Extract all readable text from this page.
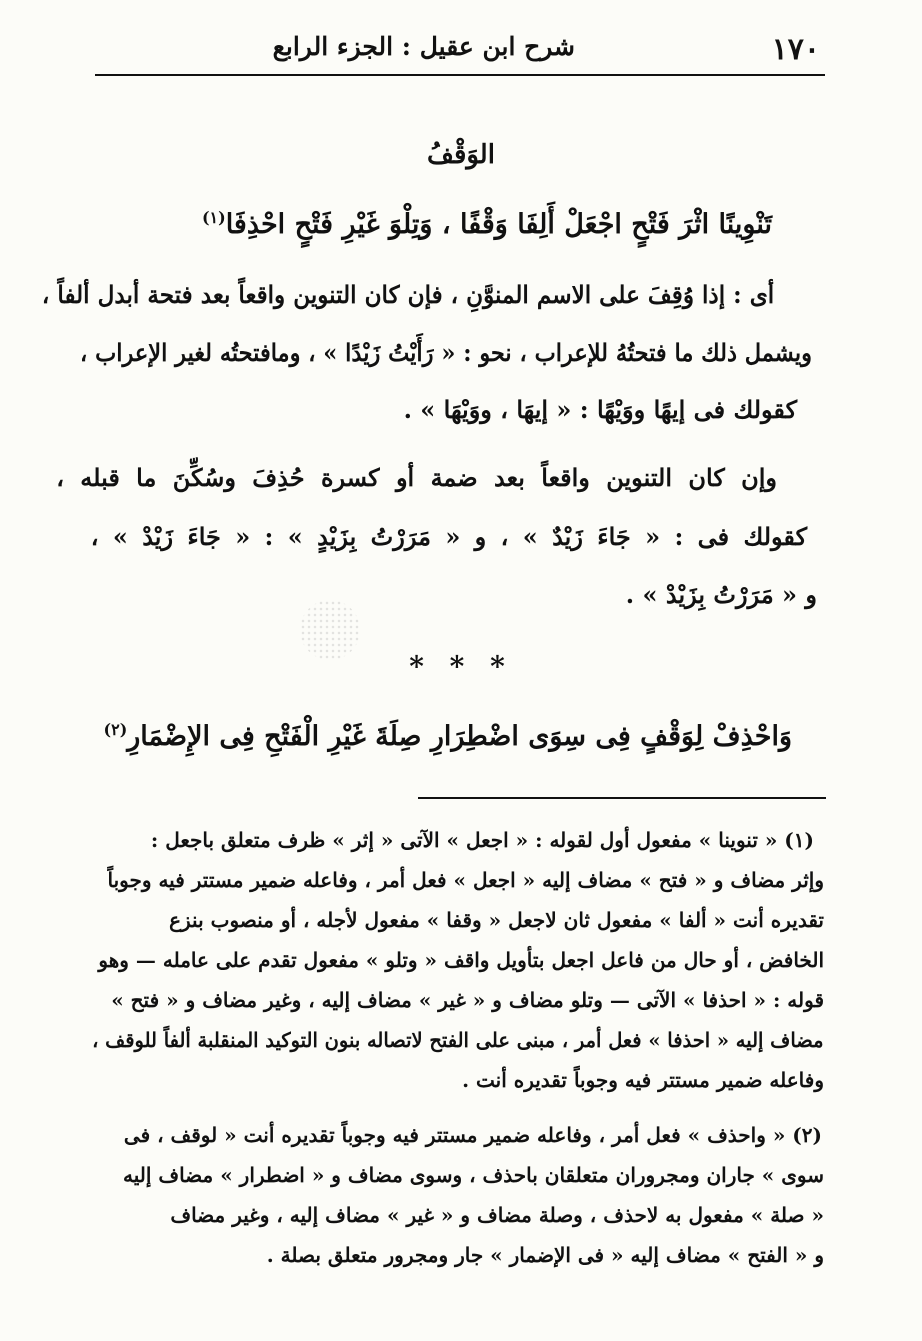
١٧٠
شرح ابن عقيل : الجزء الرابع
الوَقْفُ
تَنْوِينًا اثْرَ فَتْحٍ اجْعَلْ أَلِفَا وَقْفًا ، وَتِلْوَ غَيْرِ فَتْحٍ احْذِفَا$^{(١)}$
أى : إذا وُقِفَ على الاسم المنوَّنِ ، فإن كان التنوين واقعاً بعد فتحة أبدل ألفاً ،
ويشمل ذلك ما فتحتُهُ للإعراب ، نحو : « رَأَيْتُ زَيْدًا » ، ومافتحتُه لغير الإعراب ،
كقولك فى إيهًا ووَيْهًا : « إيهَا ، ووَيْهَا » .
وإن كان التنوين واقعاً بعد ضمة أو كسرة حُذِفَ وسُكِّنَ ما قبله ،
كقولك فى : « جَاءَ زَيْدٌ » ، و « مَرَرْتُ بِزَيْدٍ » : « جَاءَ زَيْدْ » ،
و « مَرَرْتُ بِزَيْدْ » .
* * *
وَاحْذِفْ لِوَقْفٍ فِى سِوَى اضْطِرَارِ صِلَةَ غَيْرِ الْفَتْحِ فِى الإِضْمَارِ$^{(٢)}$
(١) « تنوينا » مفعول أول لقوله : « اجعل » الآتى « إثر » ظرف متعلق باجعل :
وإثر مضاف و « فتح » مضاف إليه « اجعل » فعل أمر ، وفاعله ضمير مستتر فيه وجوباً
تقديره أنت « ألفا » مفعول ثان لاجعل « وقفا » مفعول لأجله ، أو منصوب بنزع
الخافض ، أو حال من فاعل اجعل بتأويل واقف « وتلو » مفعول تقدم على عامله — وهو
قوله : « احذفا » الآتى — وتلو مضاف و « غير » مضاف إليه ، وغير مضاف و « فتح »
مضاف إليه « احذفا » فعل أمر ، مبنى على الفتح لاتصاله بنون التوكيد المنقلبة ألفاً للوقف ،
وفاعله ضمير مستتر فيه وجوباً تقديره أنت .
(٢) « واحذف » فعل أمر ، وفاعله ضمير مستتر فيه وجوباً تقديره أنت « لوقف ، فى
سوى » جاران ومجروران متعلقان باحذف ، وسوى مضاف و « اضطرار » مضاف إليه
« صلة » مفعول به لاحذف ، وصلة مضاف و « غير » مضاف إليه ، وغير مضاف
و « الفتح » مضاف إليه « فى الإضمار » جار ومجرور متعلق بصلة .
